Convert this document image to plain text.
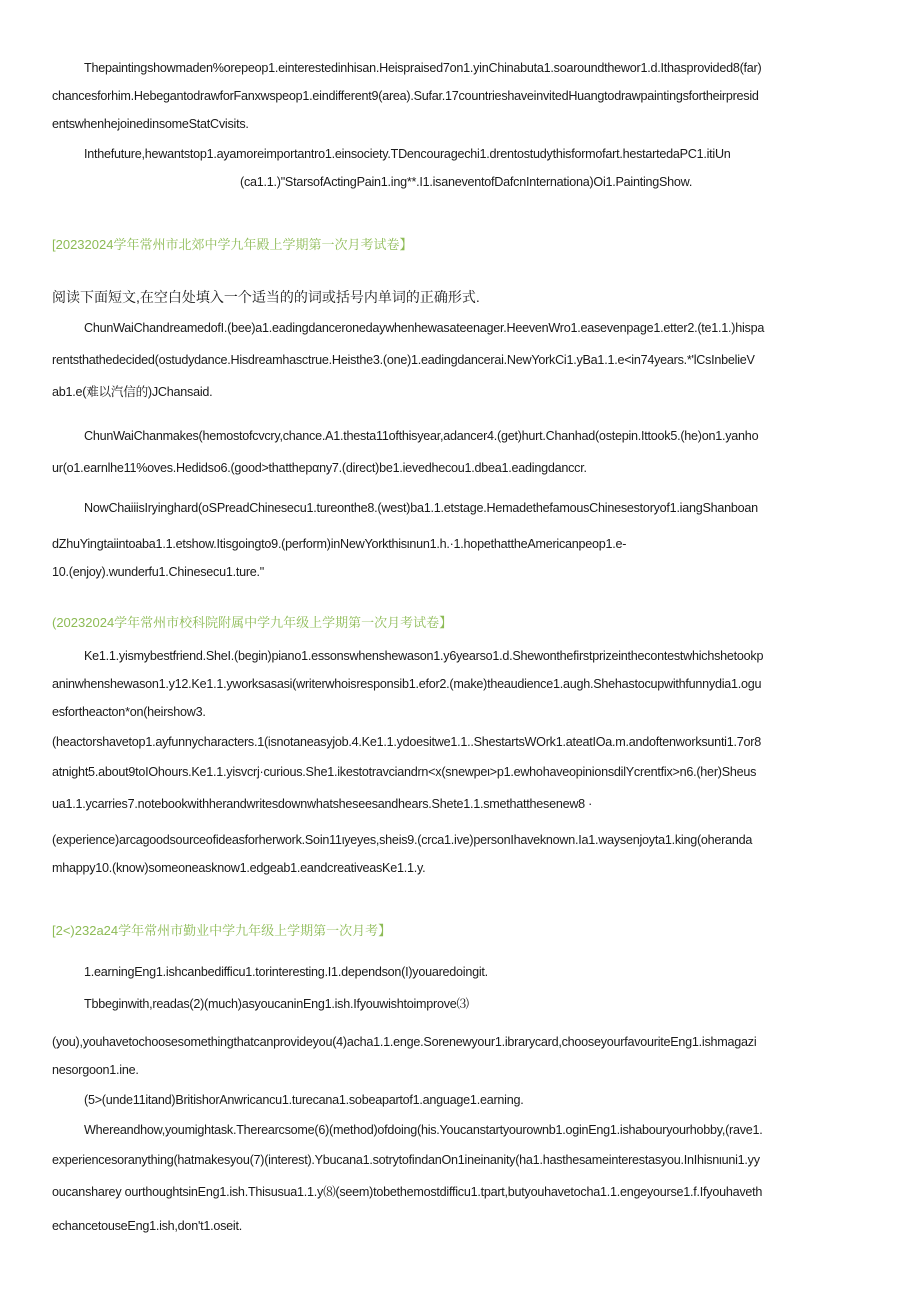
Thepaintingshowmaden%orepeop1.einterestedinhisan.Heispraised7on1.yinChinabuta1.soaroundthewor1.d.Ithasprovided8(far)
chancesforhim.HebegantodrawforFanxwspeop1.eindifferent9(area).Sufar.17countrieshaveinvitedHuangtodrawpaintingsfortheirpresid
entswhenhejoinedinsomeStatCvisits.
Inthefuture,hewantstop1.ayamoreimportantro1.einsociety.TDencouragechi1.drentostudythisformofart.hestartedaPC1.itiUn
(ca1.1.)"StarsofActingPain1.ing**.I1.isaneventofDafcnInternationa)Oi1.PaintingShow.
[20232024学年常州市北郊中学九年殿上学期第一次月考试卷】
阅读下面短文,在空白处填入一个适当的的词或括号内单词的正确形式.
ChunWaiChandreamedofI.(bee)a1.eadingdanceronedaywhenhewasateenager.HeevenWro1.easevenpage1.etter2.(te1.1.)hispa
rentsthathedecided(ostudydance.Hisdreamhasctrue.Heisthe3.(one)1.eadingdancerai.NewYorkCi1.yBa1.1.e<in74years.*'lCsInbelieV
ab1.e(难以汽信的)JChansaid.
ChunWaiChanmakes(hemostofcvcry,chance.A1.thesta11ofthisyear,adancer4.(get)hurt.Chanhad(ostepin.Ittook5.(he)on1.yanho
ur(o1.earnlhe11%oves.Hedidso6.(good>thatthepαny7.(direct)be1.ievedhecou1.dbea1.eadingdanccr.
NowChaiiisIryinghard(oSPreadChinesecu1.tureonthe8.(west)ba1.1.etstage.HemadethefamousChinesestoryof1.iangShanboan
dZhuYingtaiintoaba1.1.etshow.Itisgoingto9.(perform)inNewYorkthisιnun1.h.·1.hopethattheAmericanpeop1.e-
10.(enjoy).wunderfu1.Chinesecu1.ture."
(20232024学年常州市校科院附属中学九年级上学期第一次月考试卷】
Ke1.1.yismybestfriend.SheI.(begin)piano1.essonswhenshewason1.y6yearso1.d.Shewonthefirstprizeinthecontestwhichshetookp
aninwhenshewason1.y12.Ke1.1.yworksasasi(writerwhoisresponsib1.efor2.(make)theaudience1.augh.Shehastocupwithfunnydia1.ogu
esfortheacton*on(heirshow3.
(heactorshavetop1.ayfunnycharacters.1(isnotaneasyjob.4.Ke1.1.ydoesitwe1.1..ShestartsWOrk1.ateatIOa.m.andoftenworksunti1.7or8
atnight5.about9toIOhours.Ke1.1.yisvcrj·curious.She1.ikestotravciandrn<x(snewpeι>p1.ewhohaveopinionsdilYcrentfix>n6.(her)Sheus
ua1.1.ycarries7.notebookwithherandwritesdownwhatsheseesandhears.Shete1.1.smethatthesenew8 ·
(experience)arcagoodsourceofideasforherwork.Soin11ιyeyes,sheis9.(crca1.ive)personIhaveknown.Ia1.waysenjoyta1.king(oherandа
mhappy10.(know)someoneasknow1.edgeab1.eandcreativeasKe1.1.y.
[2<)232a24学年常州市勤业中学九年级上学期第一次月考】
1.earningEng1.ishcanbedifficu1.torinteresting.I1.dependson(I)youaredoingit.
Tbbeginwith,readas(2)(much)asyoucaninEng1.ish.Ifyouwishtoimprove⑶
(you),youhavetochoosesomethingthatcanprovideyou(4)acha1.1.enge.Sorenewyour1.ibrarycard,chooseyourfavouriteEng1.ishmagazi
nesorgoon1.ine.
(5>(unde11itand)BritishorAnwricancu1.turecana1.sobeapartof1.anguage1.earning.
Whereandhow,youmightask.Therearcsome(6)(method)ofdoing(his.Youcanstartyourownb1.oginEng1.ishabouryourhobby,(rave1.
experiencesoranything(hatmakesyou(7)(interest).Ybucana1.sotrytofindanOn1ineinanity(ha1.hasthesameinterestasyou.InIhisnιuni1.yy
oucansharey ourthoughtsinEng1.ish.Thisusua1.1.y⑻(seem)tobethemostdifficu1.tpart,butyouhavetocha1.1.engeyourse1.f.Ifyouhaveth
echancetouseEng1.ish,don't1.oseit.
